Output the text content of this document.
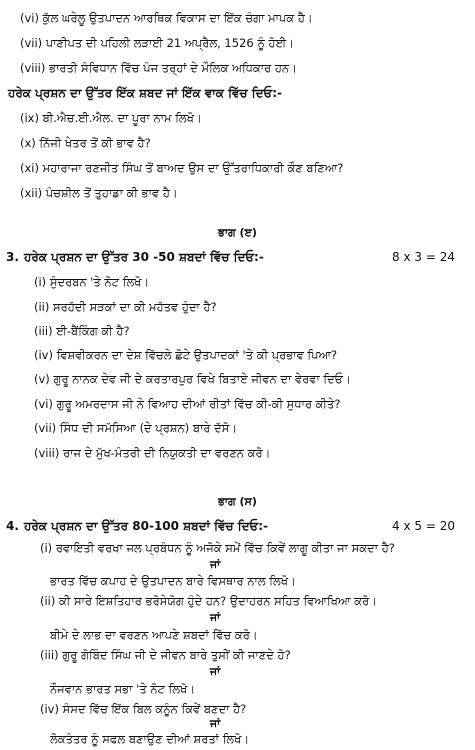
(vi) ਕੁੱਲ ਘਰੇਲੂ ਉਤਪਾਦਨ ਆਰਥਿਕ ਵਿਕਾਸ ਦਾ ਇੱਕ ਚੰਗਾ ਮਾਪਕ ਹੈ।
(vii) ਪਾਣੀਪਤ ਦੀ ਪਹਿਲੀ ਲੜਾਈ 21 ਅਪ੍ਰੈਲ, 1526 ਨੂੰ ਹੋਈ।
(viii) ਭਾਰਤੀ ਸੰਵਿਧਾਨ ਵਿੱਚ ਪੰਜ ਤਰ੍ਹਾਂ ਦੇ ਮੌਲਿਕ ਅਧਿਕਾਰ ਹਨ।
ਹਰੇਕ ਪ੍ਰਸ਼ਨ ਦਾ ਉੱਤਰ ਇੱਕ ਸ਼ਬਦ ਜਾਂ ਇੱਕ ਵਾਕ ਵਿੱਚ ਦਿਓ:-
(ix) ਬੀ.ਐਚ.ਈ.ਐਲ. ਦਾ ਪੂਰਾ ਨਾਮ ਲਿਖੋ।
(x) ਨਿੱਜੀ ਖੇਤਰ ਤੋਂ ਕੀ ਭਾਵ ਹੈ?
(xi) ਮਹਾਰਾਜਾ ਰਣਜੀਤ ਸਿੰਘ ਤੋਂ ਬਾਅਦ ਉਸ ਦਾ ਉੱਤਰਾਧਿਕਾਰੀ ਕੌਣ ਬਣਿਆ?
(xii) ਪੰਚਸ਼ੀਲ ਤੋਂ ਤੁਹਾਡਾ ਕੀ ਭਾਵ ਹੈ।
ਭਾਗ (ੲ)
3. ਹਰੇਕ ਪ੍ਰਸ਼ਨ ਦਾ ਉੱਤਰ 30 -50 ਸ਼ਬਦਾਂ ਵਿੱਚ ਦਿਓ:-	8 x 3 = 24
(i) ਸੁੰਦਰਬਨ 'ਤੇ ਨੋਟ ਲਿਖੋ।
(ii) ਸਰਹੱਦੀ ਸੜਕਾਂ ਦਾ ਕੀ ਮਹੱਤਵ ਹੁੰਦਾ ਹੈ?
(iii) ਈ-ਬੈਂਕਿੰਗ ਕੀ ਹੈ?
(iv) ਵਿਸ਼ਵੀਕਰਨ ਦਾ ਦੇਸ਼ ਵਿੱਚਲੇ ਛੋਟੇ ਉਤਪਾਦਕਾਂ 'ਤੇ ਕੀ ਪ੍ਰਭਾਵ ਪਿਆ?
(v) ਗੁਰੂ ਨਾਨਕ ਦੇਵ ਜੀ ਦੇ ਕਰਤਾਰਪੁਰ ਵਿਖੇ ਬਿਤਾਏ ਜੀਵਨ ਦਾ ਵੇਰਵਾ ਦਿਓ।
(vi) ਗੁਰੂ ਅਮਰਦਾਸ ਜੀ ਨੇ ਵਿਆਹ ਦੀਆਂ ਰੀਤਾਂ ਵਿੱਚ ਕੀ-ਕੀ ਸੁਧਾਰ ਕੀਤੇ?
(vii) ਸਿੰਧ ਦੀ ਸਮੱਸਿਆ (ਦੇ ਪ੍ਰਸ਼ਨ) ਬਾਰੇ ਦੱਸੋ।
(viii) ਰਾਜ ਦੇ ਮੁੱਖ-ਮੰਤਰੀ ਦੀ ਨਿਯੁਕਤੀ ਦਾ ਵਰਣਨ ਕਰੋ।
ਭਾਗ (ਸ)
4. ਹਰੇਕ ਪ੍ਰਸ਼ਨ ਦਾ ਉੱਤਰ 80-100 ਸ਼ਬਦਾਂ ਵਿੱਚ ਦਿਓ:-	4 x 5 = 20
(i) ਰਵਾਇਤੀ ਵਰਖਾ ਜਲ ਪ੍ਰਬੰਧਨ ਨੂੰ ਅਜੋਕੇ ਸਮੇਂ ਵਿੱਚ ਕਿਵੇਂ ਲਾਗੂ ਕੀਤਾ ਜਾ ਸਕਦਾ ਹੈ?
ਜਾਂ
ਭਾਰਤ ਵਿੱਚ ਕਪਾਹ ਦੇ ਉਤਪਾਦਨ ਬਾਰੇ ਵਿਸਥਾਰ ਨਾਲ ਲਿਖੋ।
(ii) ਕੀ ਸਾਰੇ ਇਸ਼ਤਿਹਾਰ ਭਰੋਸੇਯੋਗ ਹੁੰਦੇ ਹਨ? ਉਦਾਹਰਨ ਸਹਿਤ ਵਿਆਖਿਆ ਕਰੋ।
ਜਾਂ
ਬੀਮੇ ਦੇ ਲਾਭ ਦਾ ਵਰਣਨ ਆਪਣੇ ਸ਼ਬਦਾਂ ਵਿੱਚ ਕਰੋ।
(iii) ਗੁਰੂ ਗੋਬਿੰਦ ਸਿੰਘ ਜੀ ਦੇ ਜੀਵਨ ਬਾਰੇ ਤੁਸੀਂ ਕੀ ਜਾਣਦੇ ਹੋ?
ਜਾਂ
ਨੌਜਵਾਨ ਭਾਰਤ ਸਭਾ 'ਤੇ ਨੋਟ ਲਿਖੋ।
(iv) ਸੰਸਦ ਵਿੱਚ ਇੱਕ ਬਿਲ ਕਨੂੰਨ ਕਿਵੇਂ ਬਣਦਾ ਹੈ?
ਜਾਂ
ਲੋਕਤੰਤਰ ਨੂੰ ਸਫਲ ਬਣਾਉਣ ਦੀਆਂ ਸ਼ਰਤਾਂ ਲਿਖੋ।
